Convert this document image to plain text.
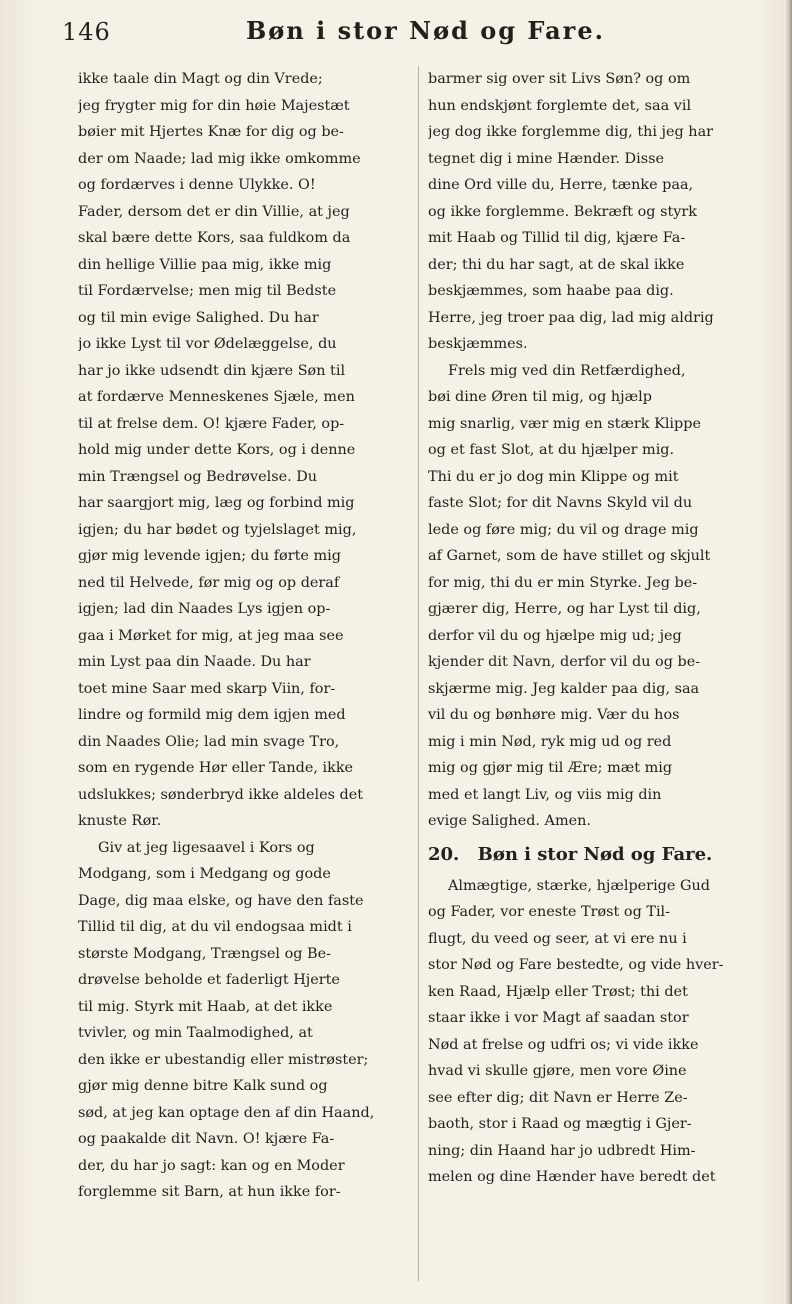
146	Bøn i stor Nød og Fare.
ikke taale din Magt og din Vrede;
jeg frygter mig for din høie Majestæt
bøier mit Hjertes Knæ for dig og be-
der om Naade; lad mig ikke omkomme
og fordærves i denne Ulykke. O!
Fader, dersom det er din Villie, at jeg
skal bære dette Kors, saa fuldkom da
din hellige Villie paa mig, ikke mig
til Fordærvelse; men mig til Bedste
og til min evige Salighed. Du har
jo ikke Lyst til vor Ødelæggelse, du
har jo ikke udsendt din kjære Søn til
at fordærve Menneskenes Sjæle, men
til at frelse dem. O! kjære Fader, op-
hold mig under dette Kors, og i denne
min Trængsel og Bedrøvelse. Du
har saargjort mig, læg og forbind mig
igjen; du har bødet og tyjelslaget mig,
gjør mig levende igjen; du førte mig
ned til Helvede, før mig og op deraf
igjen; lad din Naades Lys igjen op-
gaa i Mørket for mig, at jeg maa see
min Lyst paa din Naade. Du har
toet mine Saar med skarp Viin, for-
lindre og formild mig dem igjen med
din Naades Olie; lad min svage Tro,
som en rygende Hør eller Tande, ikke
udslukkes; sønderbryd ikke aldeles det
knuste Rør.
Giv at jeg ligesaavel i Kors og
Modgang, som i Medgang og gode
Dage, dig maa elske, og have den faste
Tillid til dig, at du vil endogsaa midt i
største Modgang, Trængsel og Be-
drøvelse beholde et faderligt Hjerte
til mig. Styrk mit Haab, at det ikke
tvivler, og min Taalmodighed, at
den ikke er ubestandig eller mistrøster;
gjør mig denne bitre Kalk sund og
sød, at jeg kan optage den af din Haand,
og paakalde dit Navn. O! kjære Fa-
der, du har jo sagt: kan og en Moder
forglemme sit Barn, at hun ikke for-
barmer sig over sit Livs Søn? og om
hun endskjønt forglemte det, saa vil
jeg dog ikke forglemme dig, thi jeg har
tegnet dig i mine Hænder. Disse
dine Ord ville du, Herre, tænke paa,
og ikke forglemme. Bekræft og styrk
mit Haab og Tillid til dig, kjære Fa-
der; thi du har sagt, at de skal ikke
beskjæmmes, som haabe paa dig.
Herre, jeg troer paa dig, lad mig aldrig
beskjæmmes.
Frels mig ved din Retfærdighed,
bøi dine Øren til mig, og hjælp
mig snarlig, vær mig en stærk Klippe
og et fast Slot, at du hjælper mig.
Thi du er jo dog min Klippe og mit
faste Slot; for dit Navns Skyld vil du
lede og føre mig; du vil og drage mig
af Garnet, som de have stillet og skjult
for mig, thi du er min Styrke. Jeg be-
gjærer dig, Herre, og har Lyst til dig,
derfor vil du og hjælpe mig ud; jeg
kjender dit Navn, derfor vil du og be-
skjærme mig. Jeg kalder paa dig, saa
vil du og bønhøre mig. Vær du hos
mig i min Nød, ryk mig ud og red
mig og gjør mig til Ære; mæt mig
med et langt Liv, og viis mig din
evige Salighed. Amen.
20. Bøn i stor Nød og Fare.
Almægtige, stærke, hjælperige Gud
og Fader, vor eneste Trøst og Til-
flugt, du veed og seer, at vi ere nu i
stor Nød og Fare bestedte, og vide hver-
ken Raad, Hjælp eller Trøst; thi det
staar ikke i vor Magt af saadan stor
Nød at frelse og udfri os; vi vide ikke
hvad vi skulle gjøre, men vore Øine
see efter dig; dit Navn er Herre Ze-
baoth, stor i Raad og mægtig i Gjer-
ning; din Haand har jo udbredt Him-
melen og dine Hænder have beredt det
